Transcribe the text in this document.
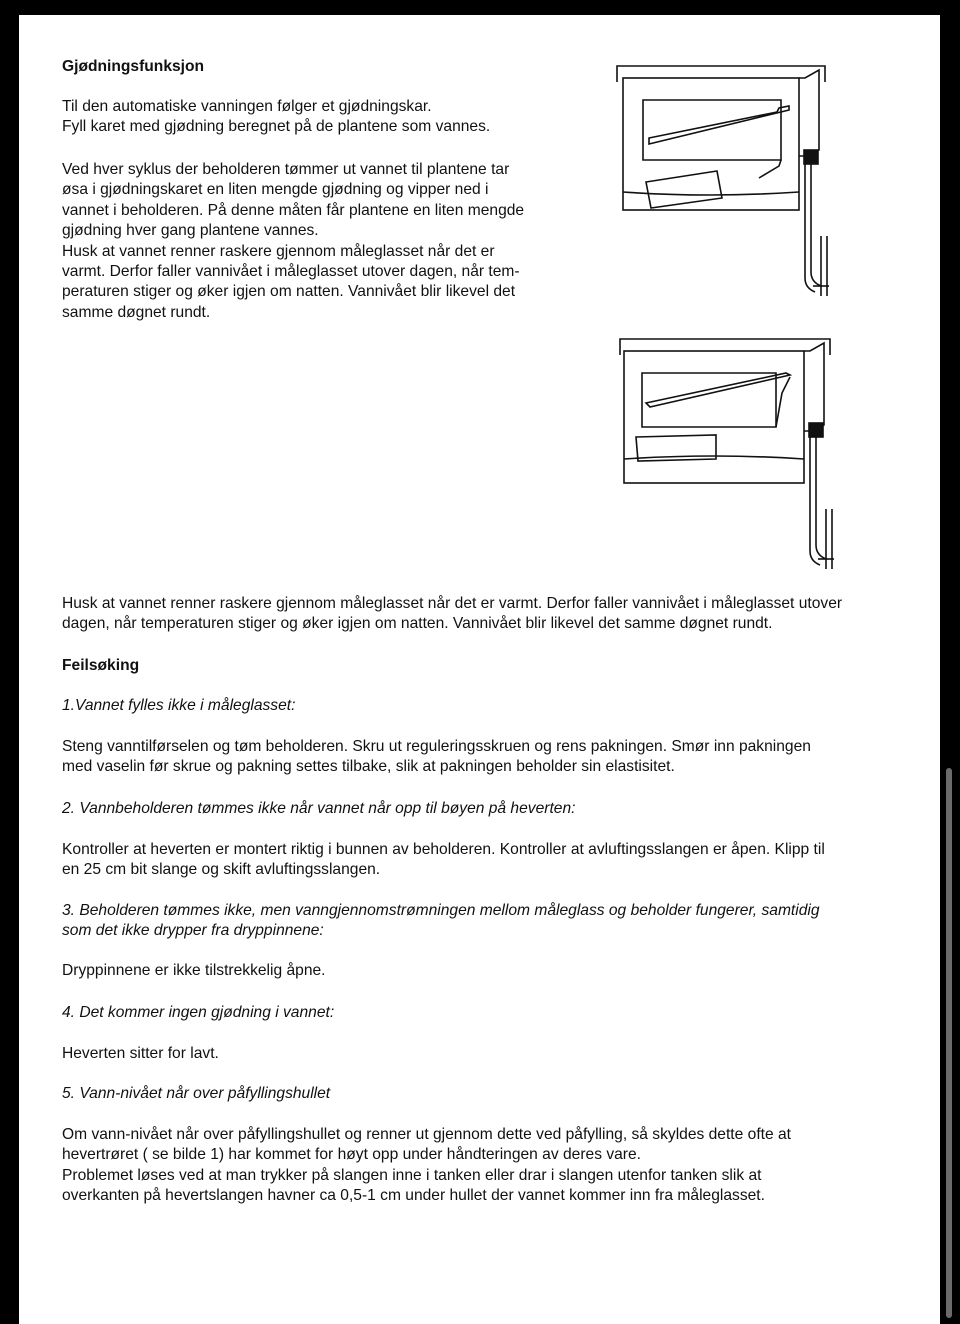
Gjødningsfunksjon
Til den automatiske vanningen følger et gjødningskar.
Fyll karet med gjødning beregnet på de plantene som vannes.
Ved hver syklus der beholderen tømmer ut vannet til plantene tar
øsa i gjødningskaret en liten mengde gjødning og vipper ned i
vannet i beholderen. På denne måten får plantene en liten mengde
gjødning hver gang plantene vannes.
Husk at vannet renner raskere gjennom måleglasset når det er
varmt. Derfor faller vannivået i måleglasset utover dagen, når tem-
peraturen stiger og øker igjen om natten. Vannivået blir likevel det
samme døgnet rundt.
Husk at vannet renner raskere gjennom måleglasset når det er varmt. Derfor faller vannivået i måleglasset utover
dagen, når temperaturen stiger og øker igjen om natten. Vannivået blir likevel det samme døgnet rundt.
Feilsøking
1.Vannet fylles ikke i måleglasset:
Steng vanntilførselen og tøm beholderen. Skru ut reguleringsskruen og rens pakningen. Smør inn pakningen
med vaselin før skrue og pakning settes tilbake, slik at pakningen beholder sin elastisitet.
2. Vannbeholderen tømmes ikke når vannet når opp til bøyen på heverten:
Kontroller at heverten er montert riktig i bunnen av beholderen. Kontroller at avluftingsslangen er åpen. Klipp til
en 25 cm bit slange og skift avluftingsslangen.
3. Beholderen tømmes ikke, men vanngjennomstrømningen mellom måleglass og beholder fungerer, samtidig
som det ikke drypper fra dryppinnene:
Dryppinnene er ikke tilstrekkelig åpne.
4. Det kommer ingen gjødning i vannet:
Heverten sitter for lavt.
5. Vann-nivået når over påfyllingshullet
Om vann-nivået når over påfyllingshullet og renner ut gjennom dette ved påfylling, så skyldes dette ofte at
hevertrøret ( se bilde 1) har kommet for høyt opp under håndteringen av deres vare.
Problemet løses ved at man trykker på slangen inne i tanken eller drar i slangen utenfor tanken slik at
overkanten på hevertslangen havner ca 0,5-1 cm under hullet der vannet kommer inn fra måleglasset.
